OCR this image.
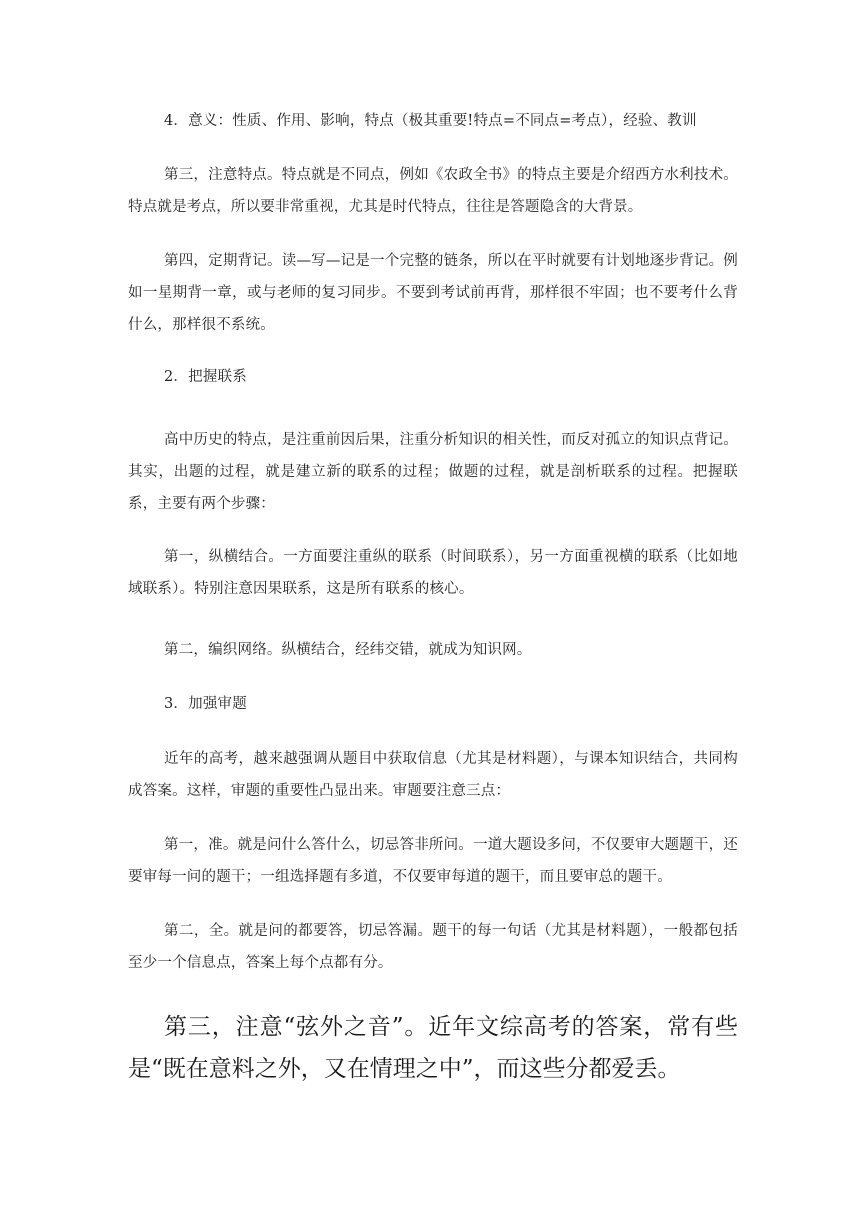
4．意义：性质、作用、影响，特点（极其重要!特点=不同点=考点），经验、教训

第三，注意特点。特点就是不同点，例如《农政全书》的特点主要是介绍西方水利技术。特点就是考点，所以要非常重视，尤其是时代特点，往往是答题隐含的大背景。

第四，定期背记。读—写—记是一个完整的链条，所以在平时就要有计划地逐步背记。例如一星期背一章，或与老师的复习同步。不要到考试前再背，那样很不牢固；也不要考什么背什么，那样很不系统。

2．把握联系

高中历史的特点，是注重前因后果，注重分析知识的相关性，而反对孤立的知识点背记。其实，出题的过程，就是建立新的联系的过程；做题的过程，就是剖析联系的过程。把握联系，主要有两个步骤：

第一，纵横结合。一方面要注重纵的联系（时间联系），另一方面重视横的联系（比如地域联系）。特别注意因果联系，这是所有联系的核心。

第二，编织网络。纵横结合，经纬交错，就成为知识网。

3．加强审题

近年的高考，越来越强调从题目中获取信息（尤其是材料题），与课本知识结合，共同构成答案。这样，审题的重要性凸显出来。审题要注意三点：

第一，准。就是问什么答什么，切忌答非所问。一道大题设多问，不仅要审大题题干，还要审每一问的题干；一组选择题有多道，不仅要审每道的题干，而且要审总的题干。

第二，全。就是问的都要答，切忌答漏。题干的每一句话（尤其是材料题），一般都包括至少一个信息点，答案上每个点都有分。

第三，注意“弦外之音”。近年文综高考的答案，常有些是“既在意料之外，又在情理之中”，而这些分都爱丢。
